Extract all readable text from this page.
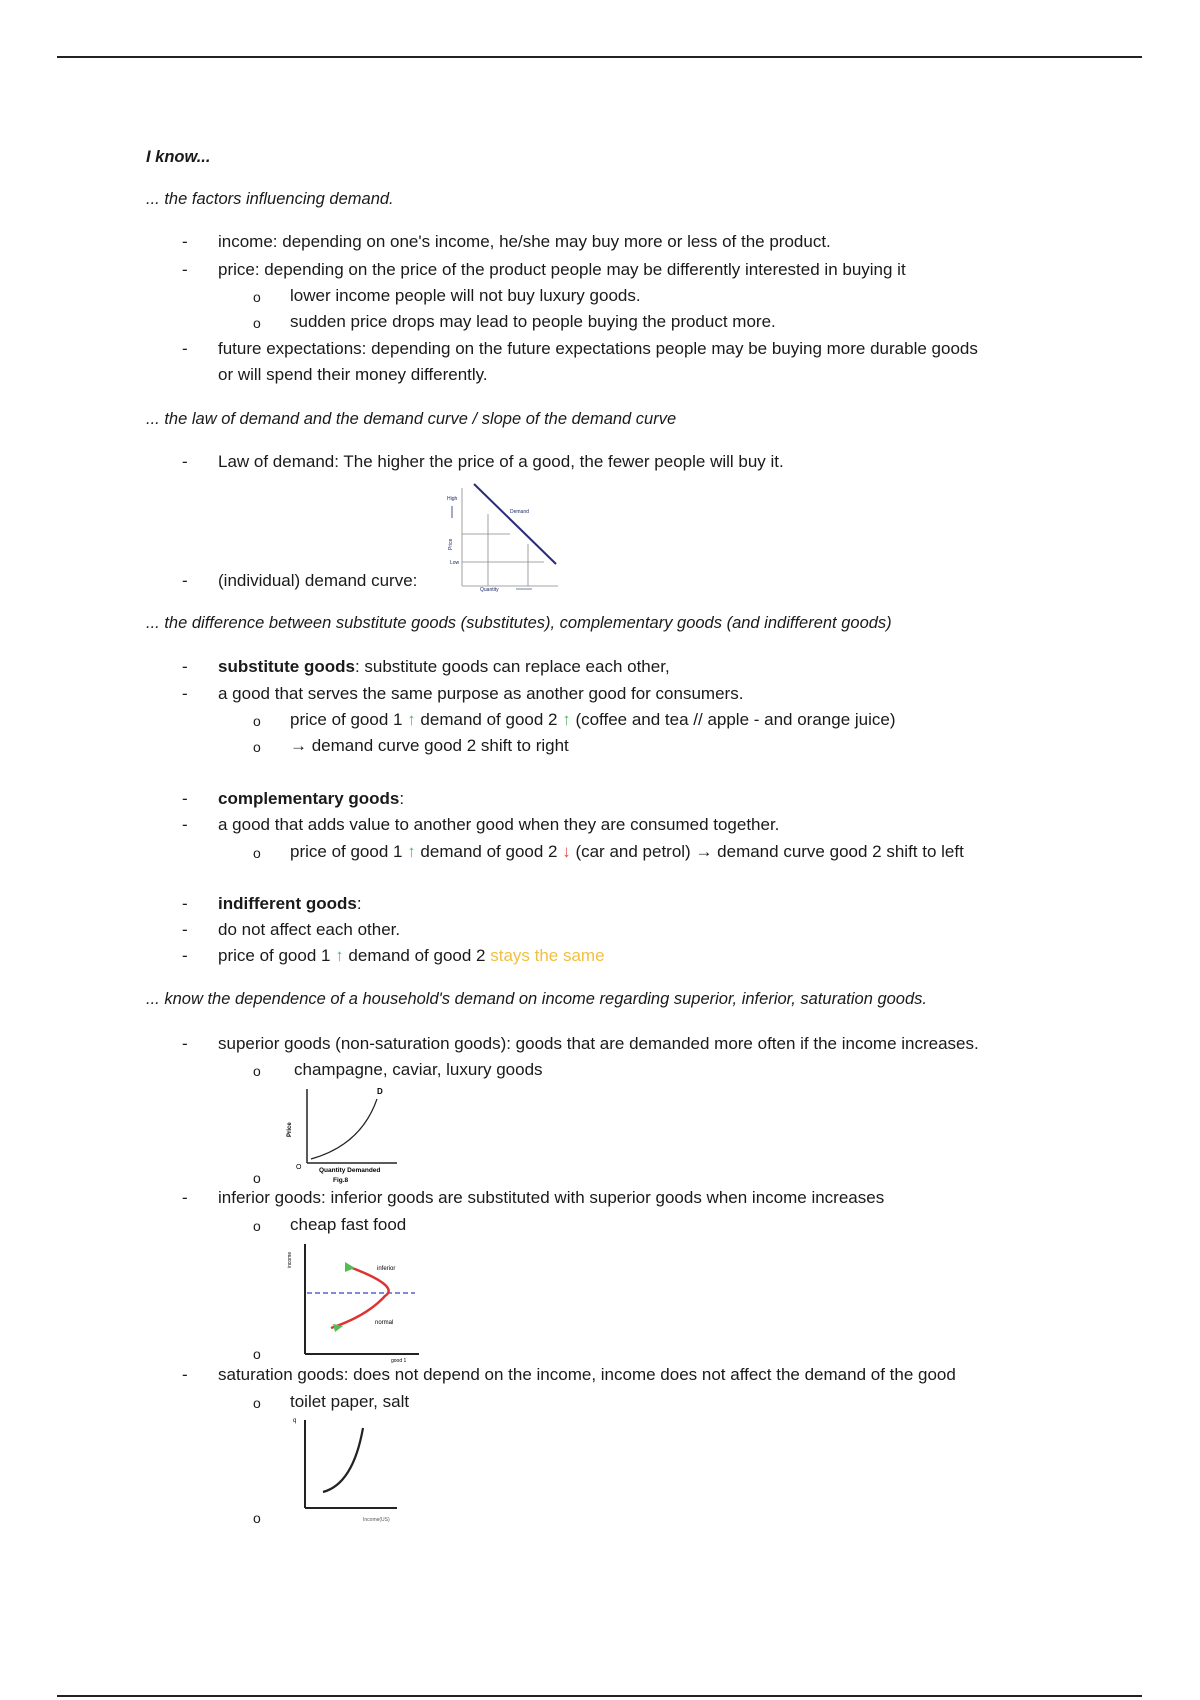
I know...
... the factors influencing demand.
- income: depending on one's income, he/she may buy more or less of the product.
- price: depending on the price of the product people may be differently interested in buying it
o lower income people will not buy luxury goods.
o sudden price drops may lead to people buying the product more.
- future expectations: depending on the future expectations people may be buying more durable goods
or will spend their money differently.
... the law of demand and the demand curve / slope of the demand curve
- Law of demand: The higher the price of a good, the fewer people will buy it.
High
Low
Price
Demand
Quantity
- (individual) demand curve:
... the difference between substitute goods (substitutes), complementary goods (and indifferent goods)
- substitute goods: substitute goods can replace each other,
- a good that serves the same purpose as another good for consumers.
o price of good 1 ↑ demand of good 2 ↑ (coffee and tea // apple - and orange juice)
o → demand curve good 2 shift to right
- complementary goods:
- a good that adds value to another good when they are consumed together.
o price of good 1 ↑ demand of good 2 ↓ (car and petrol) → demand curve good 2 shift to left
- indifferent goods:
- do not affect each other.
- price of good 1 ↑ demand of good 2 stays the same
... know the dependence of a household's demand on income regarding superior, inferior, saturation goods.
- superior goods (non-saturation goods): goods that are demanded more often if the income increases.
o champagne, caviar, luxury goods
D
Price
O	Quantity Demanded
Fig.8
o
- inferior goods: inferior goods are substituted with superior goods when income increases
o cheap fast food
income
inferior
normal
good 1
o
- saturation goods: does not depend on the income, income does not affect the demand of the good
o toilet paper, salt
q
Income(US)
o
